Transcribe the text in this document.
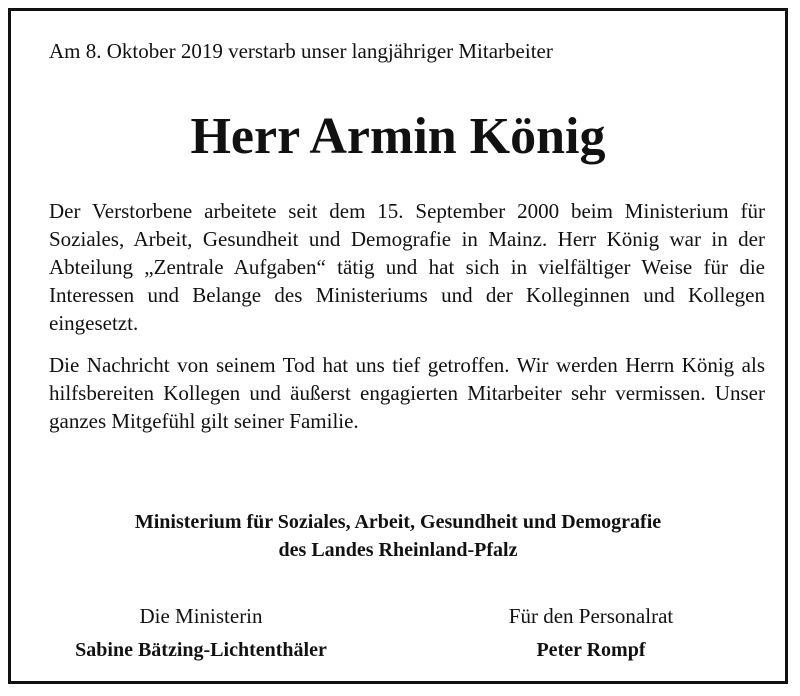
Am 8. Oktober 2019 verstarb unser langjähriger Mitarbeiter

Herr Armin König

Der Verstorbene arbeitete seit dem 15. September 2000 beim Ministerium für Soziales, Arbeit, Gesundheit und Demografie in Mainz. Herr König war in der Abteilung „Zentrale Aufgaben“ tätig und hat sich in vielfältiger Weise für die Interessen und Belange des Ministeriums und der Kolleginnen und Kollegen eingesetzt.

Die Nachricht von seinem Tod hat uns tief getroffen. Wir werden Herrn König als hilfsbereiten Kollegen und äußerst engagierten Mitarbeiter sehr vermissen. Unser ganzes Mitgefühl gilt seiner Familie.

Ministerium für Soziales, Arbeit, Gesundheit und Demografie
des Landes Rheinland-Pfalz
Die Ministerin
Sabine Bätzing-Lichtenthäler
Für den Personalrat
Peter Rompf
